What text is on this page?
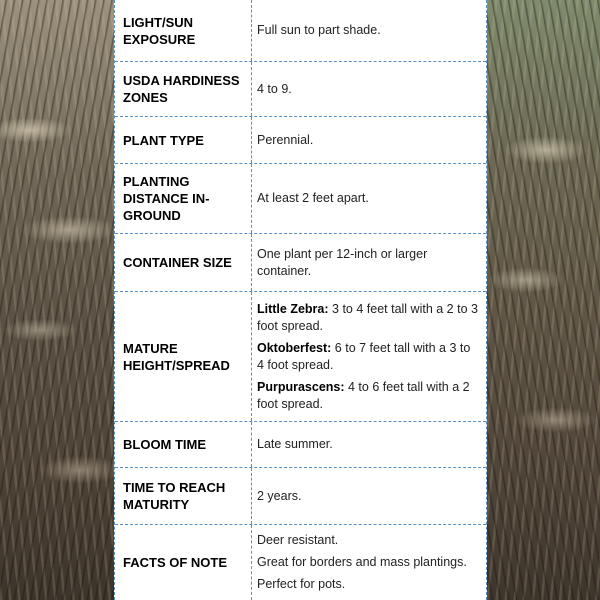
LIGHT/SUN EXPOSURE

Full sun to part shade.

USDA HARDINESS ZONES

4 to 9.

PLANT TYPE	Perennial.

PLANTING DISTANCE IN-GROUND

At least 2 feet apart.

CONTAINER SIZE

One plant per 12-inch or larger container.

MATURE HEIGHT/SPREAD

Little Zebra: 3 to 4 feet tall with a 2 to 3 foot spread.

Oktoberfest: 6 to 7 feet tall with a 3 to 4 foot spread.

Purpurascens: 4 to 6 feet tall with a 2 foot spread.

BLOOM TIME	Late summer.

TIME TO REACH MATURITY

2 years.

FACTS OF NOTE

Deer resistant.

Great for borders and mass plantings.

Perfect for pots.
